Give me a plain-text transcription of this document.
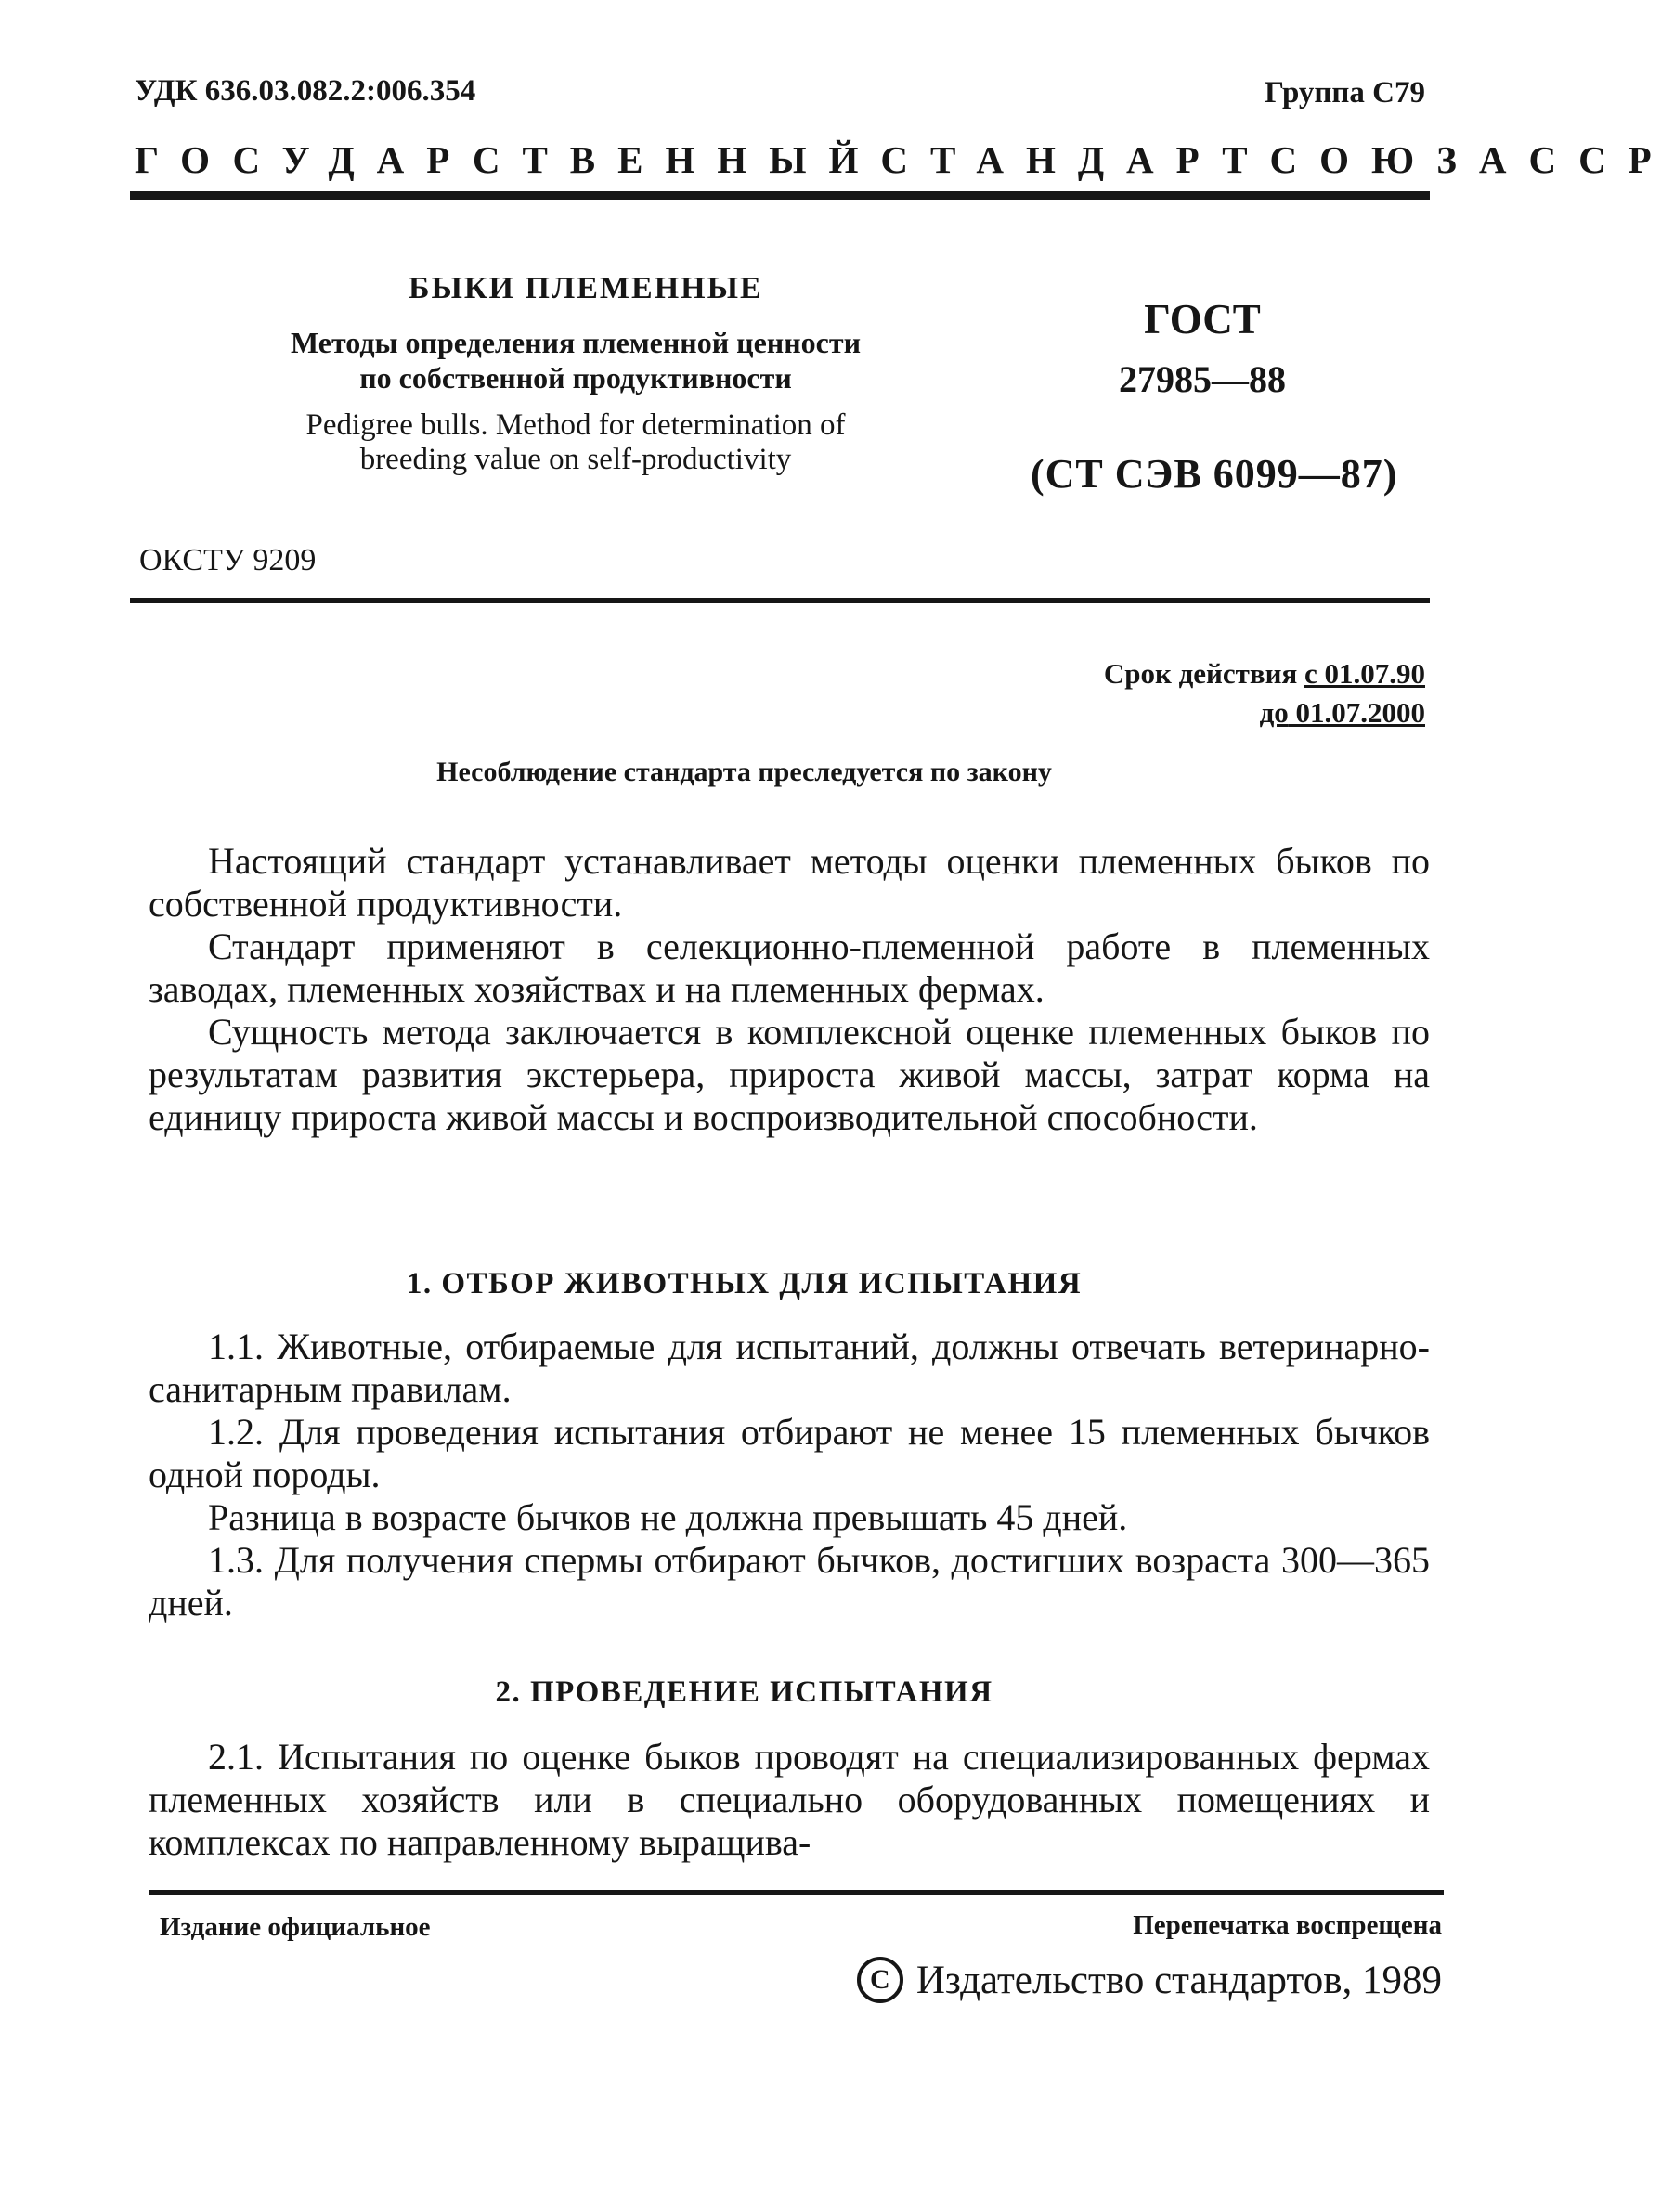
УДК 636.03.082.2:006.354	Группа С79
ГОСУДАРСТВЕННЫЙ СТАНДАРТ СОЮЗА ССР
БЫКИ ПЛЕМЕННЫЕ
Методы определения племенной ценности
по собственной продуктивности
Pedigree bulls. Method for determination of
breeding value on self-productivity
ГОСТ
27985—88
(СТ СЭВ 6099—87)
ОКСТУ 9209
Срок действия с 01.07.90
до 01.07.2000
Несоблюдение стандарта преследуется по закону

Настоящий стандарт устанавливает методы оценки племенных быков по собственной продуктивности.

Стандарт применяют в селекционно-племенной работе в племенных заводах, племенных хозяйствах и на племенных фермах.

Сущность метода заключается в комплексной оценке племенных быков по результатам развития экстерьера, прироста живой массы, затрат корма на единицу прироста живой массы и воспроизводительной способности.

1. ОТБОР ЖИВОТНЫХ ДЛЯ ИСПЫТАНИЯ

1.1. Животные, отбираемые для испытаний, должны отвечать ветеринарно-санитарным правилам.

1.2. Для проведения испытания отбирают не менее 15 племенных бычков одной породы.

Разница в возрасте бычков не должна превышать 45 дней.

1.3. Для получения спермы отбирают бычков, достигших возраста 300—365 дней.

2. ПРОВЕДЕНИЕ ИСПЫТАНИЯ

2.1. Испытания по оценке быков проводят на специализированных фермах племенных хозяйств или в специально оборудованных помещениях и комплексах по направленному выращива-

Издание официальное	Перепечатка воспрещена
C Издательство стандартов, 1989
